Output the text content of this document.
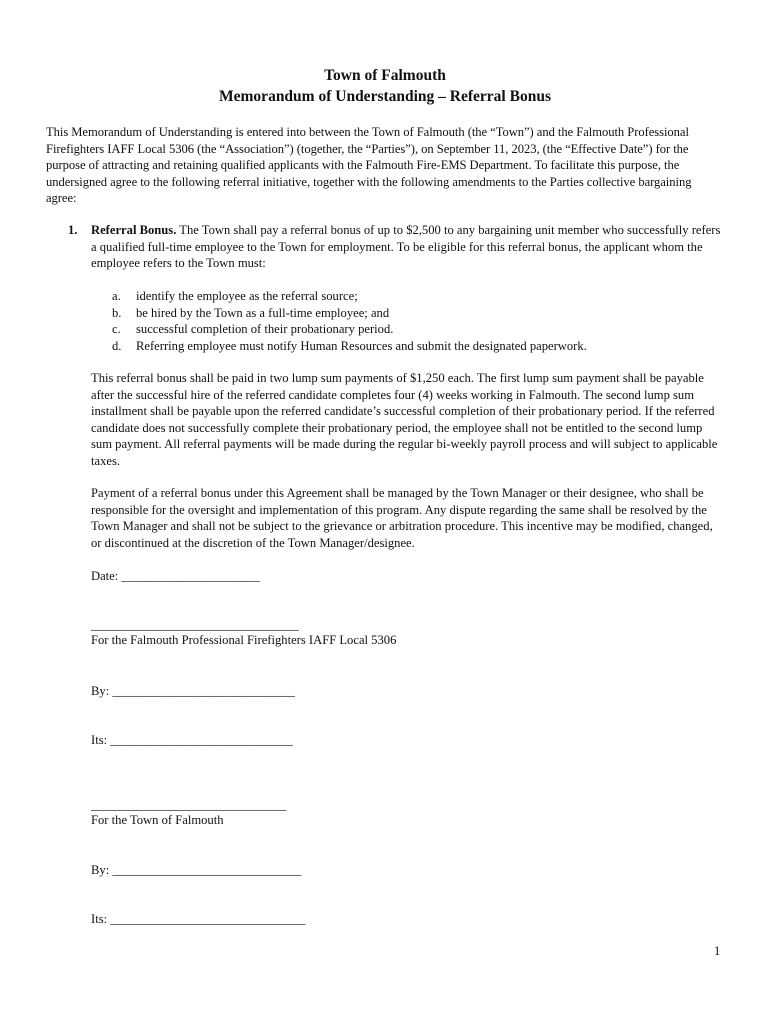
Town of Falmouth
Memorandum of Understanding – Referral Bonus

This Memorandum of Understanding is entered into between the Town of Falmouth (the “Town”) and the Falmouth Professional Firefighters IAFF Local 5306 (the “Association”) (together, the “Parties”), on September 11, 2023, (the “Effective Date”) for the purpose of attracting and retaining qualified applicants with the Falmouth Fire-EMS Department. To facilitate this purpose, the undersigned agree to the following referral initiative, together with the following amendments to the Parties collective bargaining agree:

1. Referral Bonus. The Town shall pay a referral bonus of up to $2,500 to any bargaining unit member who successfully refers a qualified full-time employee to the Town for employment. To be eligible for this referral bonus, the applicant whom the employee refers to the Town must:

a. identify the employee as the referral source;
b. be hired by the Town as a full-time employee; and
c. successful completion of their probationary period.
d. Referring employee must notify Human Resources and submit the designated paperwork.

This referral bonus shall be paid in two lump sum payments of $1,250 each. The first lump sum payment shall be payable after the successful hire of the referred candidate completes four (4) weeks working in Falmouth. The second lump sum installment shall be payable upon the referred candidate’s successful completion of their probationary period. If the referred candidate does not successfully complete their probationary period, the employee shall not be entitled to the second lump sum payment. All referral payments will be made during the regular bi-weekly payroll process and will subject to applicable taxes.

Payment of a referral bonus under this Agreement shall be managed by the Town Manager or their designee, who shall be responsible for the oversight and implementation of this program. Any dispute regarding the same shall be resolved by the Town Manager and shall not be subject to the grievance or arbitration procedure. This incentive may be modified, changed, or discontinued at the discretion of the Town Manager/designee.

Date: ______________________
_________________________________
For the Falmouth Professional Firefighters IAFF Local 5306
By: _____________________________
Its: _____________________________
_______________________________
For the Town of Falmouth
By: ______________________________
Its: _______________________________
1
